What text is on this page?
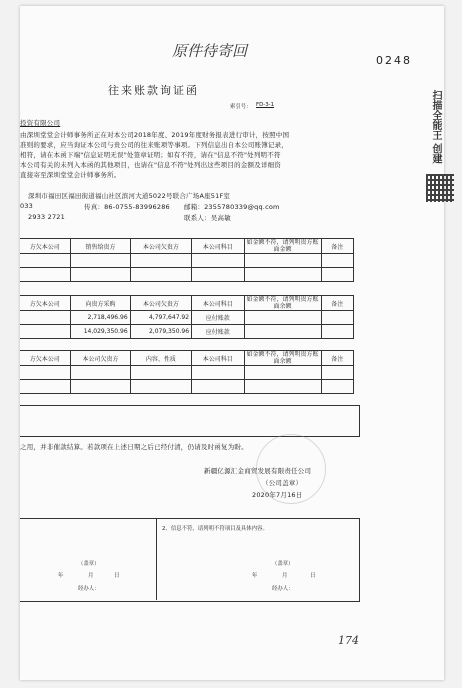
原件待寄回
0248
往来账款询证函
索引号： FD-3-1
投资有限公司
由深圳堂堂会计师事务所正在对本公司2018年度、2019年度财务报表进行审计，按照中国
准则的要求，应当询证本公司与贵公司的往来账项等事项。下列信息出自本公司账簿记录，
相符，请在本函下端"信息证明无误"处签章证明；如有不符，请在"信息不符"处列明不符
本公司有关的未列入本函的其他项目，也请在"信息不符"处列出这些项目的金额及详细资
直接寄至深圳堂堂会计师事务所。
深圳市福田区福田街道福山社区滨河大道5022号联合广场A座51F室
033	传真：86-0755-83996286 邮箱：2355780339@qq.com
2933 2721	联系人：吴高敏
方欠本公司	销售给贵方	本公司欠贵方	本公司科目	如金额不符，请列明贵方账面金额	备注

方欠本公司	向贵方采购	本公司欠贵方	本公司科目	如金额不符，请列明贵方账面余额	备注
	2,718,496.96	4,797,647.92	应付账款		
	14,029,350.96	2,079,350.96	应付账款		
方欠本公司	本公司欠贵方	内容、性质	本公司科目	如金额不符，请列明贵方账面余额	备注

之用，并非催款结算。若款项在上述日期之后已经付清，仍请及时函复为盼。
新疆亿源汇金商贸发展有限责任公司
（公司盖章）
2020年7月16日
2、信息不符，请列明不符项目及具体内容。
（盖章）
年	月	日
经办人：
（盖章）
年	月	日
经办人：
174
扫描全能王 创建
